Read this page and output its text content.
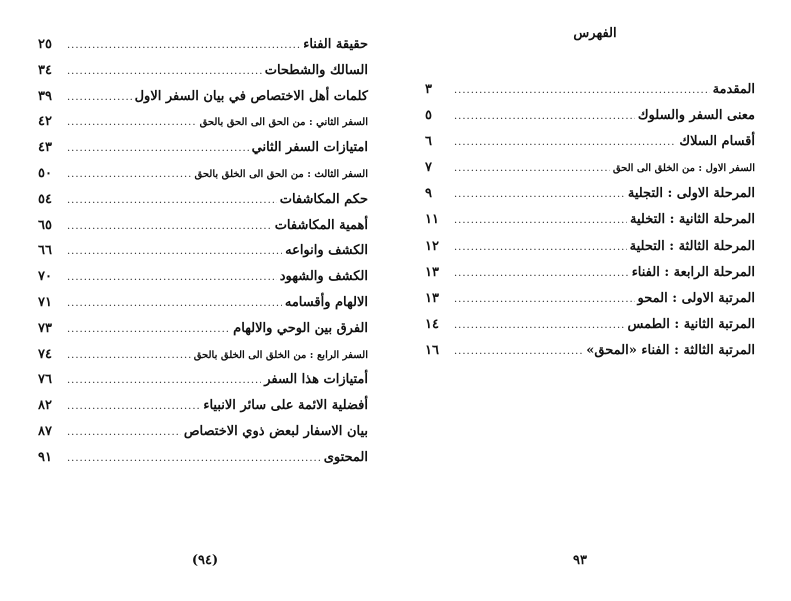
حقيقة الفناء
.....
٢٥
السالك والشطحات
.....
٣٤
كلمات أهل الاختصاص في بيان السفر الاول
.....
٣٩
السفر الثاني : من الحق الى الحق بالحق
.....
٤٢
امتيازات السفر الثاني
.....
٤٣
السفر الثالث : من الحق الى الخلق بالحق
.....
٥٠
حكم المكاشفات
.....
٥٤
أهمية المكاشفات
.....
٦٥
الكشف وانواعه
.....
٦٦
الكشف والشهود
.....
٧٠
الالهام وأقسامه
.....
٧١
الفرق بين الوحي والالهام
.....
٧٣
السفر الرابع : من الخلق الى الخلق بالحق
.....
٧٤
أمتيازات هذا السفر
.....
٧٦
أفضلية الائمة على سائر الانبياء
.....
٨٢
بيان الاسفار لبعض ذوي الاختصاص
.....
٨٧
المحتوى
.....
٩١
(٩٤)
الفهرس
المقدمة
.....
٣
معنى السفر والسلوك
.....
٥
أقسام السلاك
.....
٦
السفر الاول : من الخلق الى الحق
.....
٧
المرحلة الاولى : التجلية
.....
٩
المرحلة الثانية : التخلية
.....
١١
المرحلة الثالثة : التحلية
.....
١٢
المرحلة الرابعة : الفناء
.....
١٣
المرتبة الاولى : المحو
.....
١٣
المرتبة الثانية : الطمس
.....
١٤
المرتبة الثالثة : الفناء «المحق»
.....
١٦
٩٣
